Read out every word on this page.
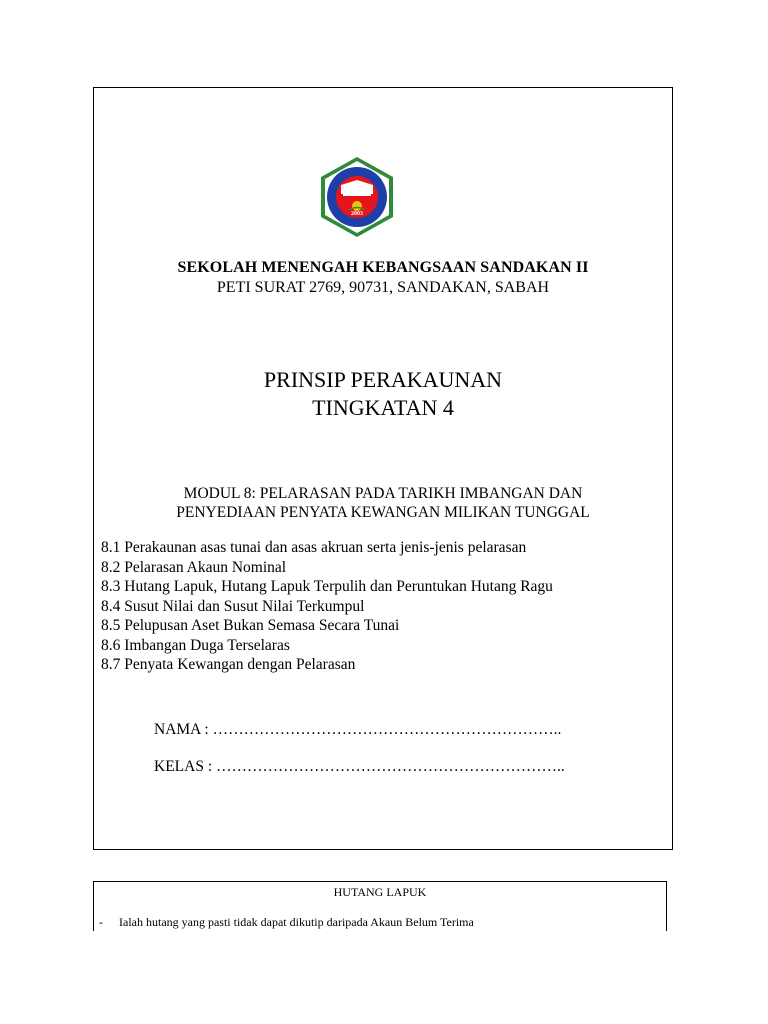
2003
SEKOLAH MENENGAH KEBANGSAAN SANDAKAN II
PETI SURAT 2769, 90731, SANDAKAN, SABAH
PRINSIP PERAKAUNAN
TINGKATAN 4
MODUL 8: PELARASAN PADA TARIKH IMBANGAN DAN
PENYEDIAAN PENYATA KEWANGAN MILIKAN TUNGGAL
8.1 Perakaunan asas tunai dan asas akruan serta jenis-jenis pelarasan
8.2 Pelarasan Akaun Nominal
8.3 Hutang Lapuk, Hutang Lapuk Terpulih dan Peruntukan Hutang Ragu
8.4 Susut Nilai dan Susut Nilai Terkumpul
8.5 Pelupusan Aset Bukan Semasa Secara Tunai
8.6 Imbangan Duga Terselaras
8.7 Penyata Kewangan dengan Pelarasan
NAMA : …………………………………………………………..
KELAS : …………………………………………………………..
HUTANG LAPUK
- Ialah hutang yang pasti tidak dapat dikutip daripada Akaun Belum Terima
